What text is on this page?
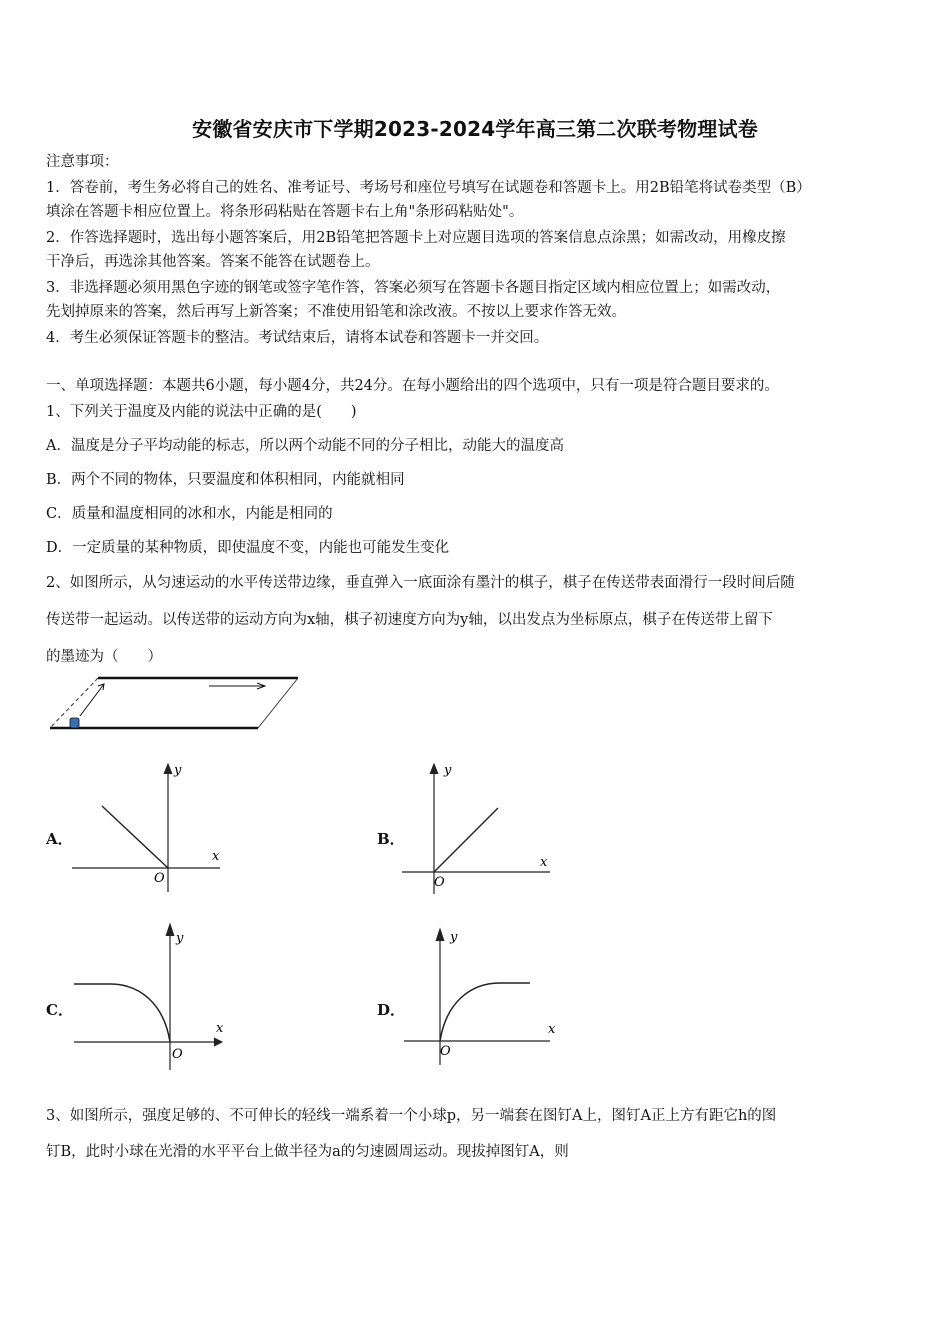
安徽省安庆市下学期2023-2024学年高三第二次联考物理试卷
注意事项：
1．答卷前，考生务必将自己的姓名、准考证号、考场号和座位号填写在试题卷和答题卡上。用2B铅笔将试卷类型（B）
填涂在答题卡相应位置上。将条形码粘贴在答题卡右上角"条形码粘贴处"。
2．作答选择题时，选出每小题答案后，用2B铅笔把答题卡上对应题目选项的答案信息点涂黑；如需改动，用橡皮擦
干净后，再选涂其他答案。答案不能答在试题卷上。
3．非选择题必须用黑色字迹的钢笔或签字笔作答，答案必须写在答题卡各题目指定区域内相应位置上；如需改动，
先划掉原来的答案，然后再写上新答案；不准使用铅笔和涂改液。不按以上要求作答无效。
4．考生必须保证答题卡的整洁。考试结束后，请将本试卷和答题卡一并交回。
一、单项选择题：本题共6小题，每小题4分，共24分。在每小题给出的四个选项中，只有一项是符合题目要求的。
1、下列关于温度及内能的说法中正确的是(　　)
A．温度是分子平均动能的标志，所以两个动能不同的分子相比，动能大的温度高
B．两个不同的物体，只要温度和体积相同，内能就相同
C．质量和温度相同的冰和水，内能是相同的
D．一定质量的某种物质，即使温度不变，内能也可能发生变化
2、如图所示，从匀速运动的水平传送带边缘，垂直弹入一底面涂有墨汁的棋子，棋子在传送带表面滑行一段时间后随
传送带一起运动。以传送带的运动方向为x轴，棋子初速度方向为y轴，以出发点为坐标原点，棋子在传送带上留下
的墨迹为（　　）
A．
y
x
O
B．
y
x
O
C．
y
x
O
D．
y
x
O
3、如图所示，强度足够的、不可伸长的轻线一端系着一个小球p，另一端套在图钉A上，图钉A正上方有距它h的图
钉B，此时小球在光滑的水平平台上做半径为a的匀速圆周运动。现拔掉图钉A，则
